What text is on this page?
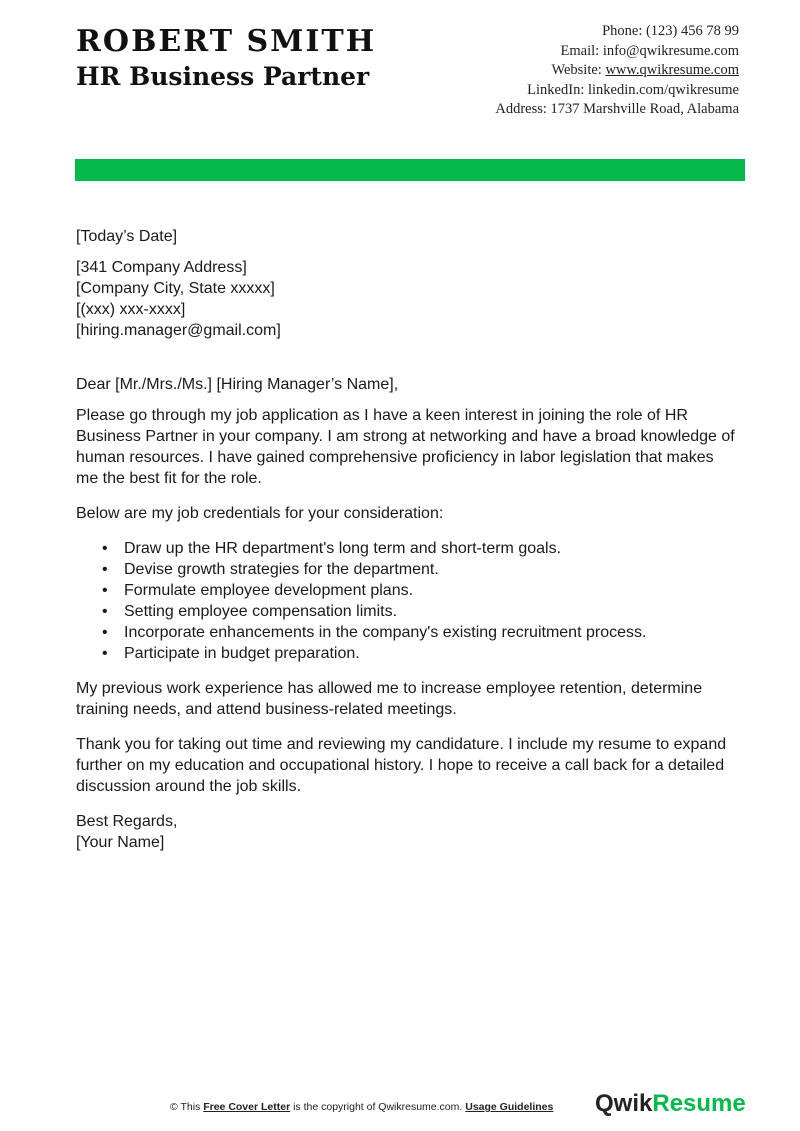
ROBERT SMITH
HR Business Partner
Phone: (123) 456 78 99
Email: info@qwikresume.com
Website: www.qwikresume.com
LinkedIn: linkedin.com/qwikresume
Address: 1737 Marshville Road, Alabama

[Today’s Date]

[341 Company Address]

[Company City, State xxxxx]

[(xxx) xxx-xxxx]

[hiring.manager@gmail.com]

Dear [Mr./Mrs./Ms.] [Hiring Manager’s Name],

Please go through my job application as I have a keen interest in joining the role of HR Business Partner in your company. I am strong at networking and have a broad knowledge of human resources. I have gained comprehensive proficiency in labor legislation that makes me the best fit for the role.

Below are my job credentials for your consideration:

• Draw up the HR department's long term and short-term goals.
• Devise growth strategies for the department.
• Formulate employee development plans.
• Setting employee compensation limits.
• Incorporate enhancements in the company's existing recruitment process.
• Participate in budget preparation.

My previous work experience has allowed me to increase employee retention, determine training needs, and attend business-related meetings.

Thank you for taking out time and reviewing my candidature. I include my resume to expand further on my education and occupational history. I hope to receive a call back for a detailed discussion around the job skills.

Best Regards,

[Your Name]

© This Free Cover Letter is the copyright of Qwikresume.com. Usage Guidelines QwikResume
